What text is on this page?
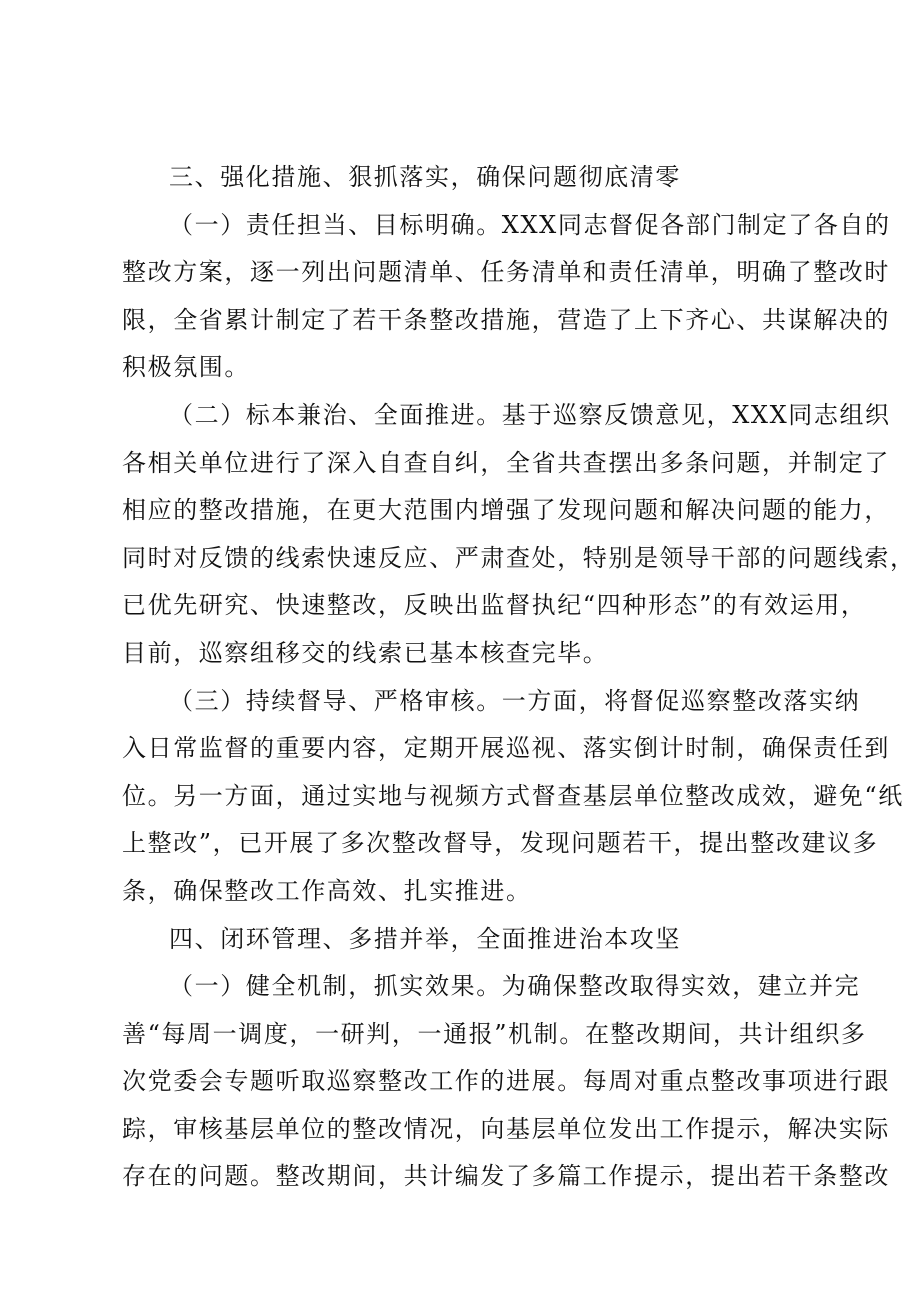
三、强化措施、狠抓落实，确保问题彻底清零
（一）责任担当、目标明确。XXX同志督促各部门制定了各自的
整改方案，逐一列出问题清单、任务清单和责任清单，明确了整改时
限，全省累计制定了若干条整改措施，营造了上下齐心、共谋解决的
积极氛围。
（二）标本兼治、全面推进。基于巡察反馈意见，XXX同志组织
各相关单位进行了深入自查自纠，全省共查摆出多条问题，并制定了
相应的整改措施，在更大范围内增强了发现问题和解决问题的能力，
同时对反馈的线索快速反应、严肃查处，特别是领导干部的问题线索，
已优先研究、快速整改，反映出监督执纪“四种形态”的有效运用，
目前，巡察组移交的线索已基本核查完毕。
（三）持续督导、严格审核。一方面，将督促巡察整改落实纳
入日常监督的重要内容，定期开展巡视、落实倒计时制，确保责任到
位。另一方面，通过实地与视频方式督查基层单位整改成效，避免“纸
上整改”，已开展了多次整改督导，发现问题若干，提出整改建议多
条，确保整改工作高效、扎实推进。
四、闭环管理、多措并举，全面推进治本攻坚
（一）健全机制，抓实效果。为确保整改取得实效，建立并完
善“每周一调度，一研判，一通报”机制。在整改期间，共计组织多
次党委会专题听取巡察整改工作的进展。每周对重点整改事项进行跟
踪，审核基层单位的整改情况，向基层单位发出工作提示，解决实际
存在的问题。整改期间，共计编发了多篇工作提示，提出若干条整改
